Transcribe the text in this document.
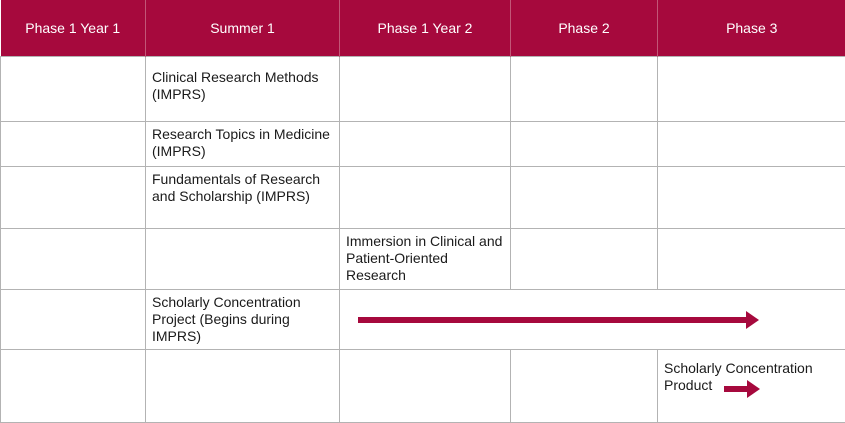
Phase 1 Year 1	Summer 1	Phase 1 Year 2	Phase 2	Phase 3
	Clinical Research Methods (IMPRS)			
	Research Topics in Medicine (IMPRS)			
	Fundamentals of Research and Scholarship (IMPRS)			
		Immersion in Clinical and Patient-Oriented Research		
	Scholarly Concentration Project (Begins during IMPRS)			
				Scholarly Concentration Product
